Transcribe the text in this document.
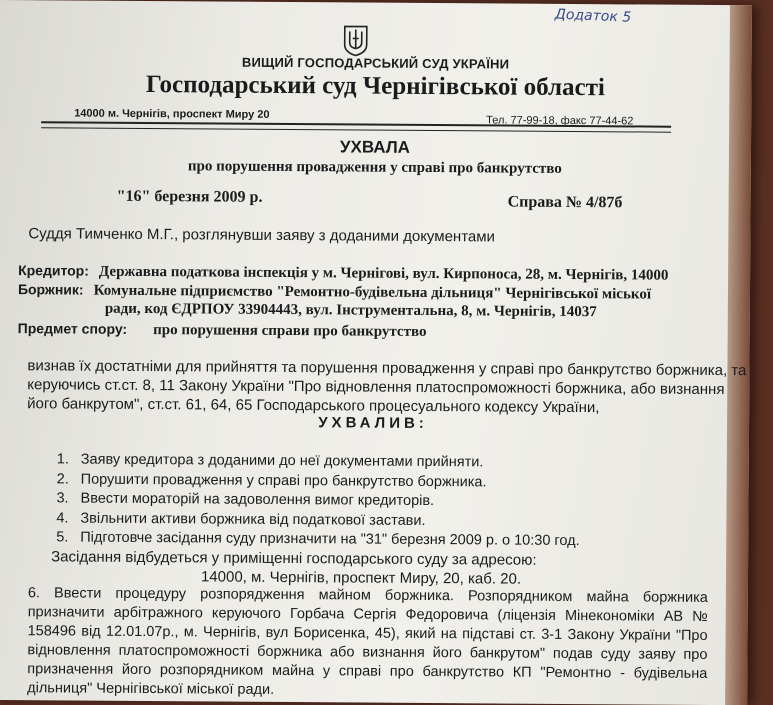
Додаток 5
ВИЩИЙ ГОСПОДАРСЬКИЙ СУД УКРАЇНИ
Господарський суд Чернігівської області
14000 м. Чернігів, проспект Миру 20
Тел. 77-99-18, факс 77-44-62
УХВАЛА
про порушення провадження у справі про банкрутство
"16" березня 2009 р.	Справа № 4/87б
Суддя Тимченко М.Г., розглянувши заяву з доданими документами
Кредитор: Державна податкова інспекція у м. Чернігові, вул. Кирпоноса, 28, м. Чернігів, 14000
Боржник: Комунальне підприємство "Ремонтно-будівельна дільниця" Чернігівської міської
ради, код ЄДРПОУ 33904443, вул. Інструментальна, 8, м. Чернігів, 14037
Предмет спору: про порушення справи про банкрутство
визнав їх достатніми для прийняття та порушення провадження у справі про банкрутство боржника, та
керуючись ст.ст. 8, 11 Закону України "Про відновлення платоспроможності боржника, або визнання
його банкрутом", ст.ст. 61, 64, 65 Господарського процесуального кодексу України,
УХВАЛИВ:
1. Заяву кредитора з доданими до неї документами прийняти.
2. Порушити провадження у справі про банкрутство боржника.
3. Ввести мораторій на задоволення вимог кредиторів.
4. Звільнити активи боржника від податкової застави.
5. Підготовче засідання суду призначити на "31" березня 2009 р. о 10:30 год.
Засідання відбудеться у приміщенні господарського суду за адресою:
14000, м. Чернігів, проспект Миру, 20, каб. 20.
6. Ввести процедуру розпорядження майном боржника. Розпорядником майна боржника
призначити арбітражного керуючого Горбача Сергія Федоровича (ліцензія Мінекономіки АВ №
158496 від 12.01.07р., м. Чернігів, вул Борисенка, 45), який на підставі ст. 3-1 Закону України "Про
відновлення платоспроможності боржника або визнання його банкрутом" подав суду заяву про
призначення його розпорядником майна у справі про банкрутство КП "Ремонтно - будівельна
дільниця" Чернігівської міської ради.
